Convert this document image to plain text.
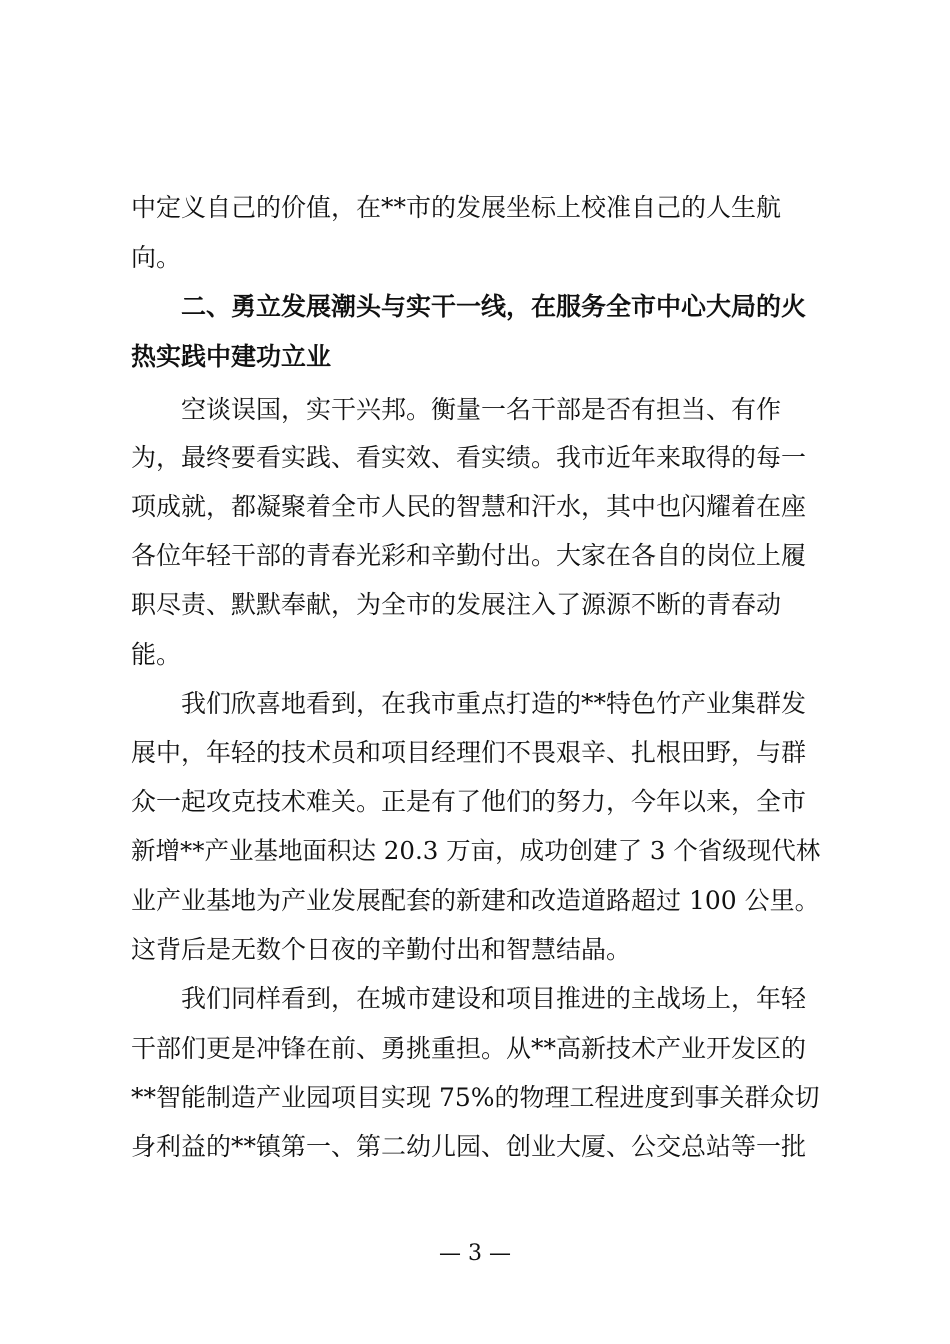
中定义自己的价值，在**市的发展坐标上校准自己的人生航
向。
二、勇立发展潮头与实干一线，在服务全市中心大局的火
热实践中建功立业
空谈误国，实干兴邦。衡量一名干部是否有担当、有作
为，最终要看实践、看实效、看实绩。我市近年来取得的每一
项成就，都凝聚着全市人民的智慧和汗水，其中也闪耀着在座
各位年轻干部的青春光彩和辛勤付出。大家在各自的岗位上履
职尽责、默默奉献，为全市的发展注入了源源不断的青春动
能。
我们欣喜地看到，在我市重点打造的**特色竹产业集群发
展中，年轻的技术员和项目经理们不畏艰辛、扎根田野，与群
众一起攻克技术难关。正是有了他们的努力，今年以来，全市
新增**产业基地面积达 20.3 万亩，成功创建了 3 个省级现代林
业产业基地为产业发展配套的新建和改造道路超过 100 公里。
这背后是无数个日夜的辛勤付出和智慧结晶。
我们同样看到，在城市建设和项目推进的主战场上，年轻
干部们更是冲锋在前、勇挑重担。从**高新技术产业开发区的
**智能制造产业园项目实现 75%的物理工程进度到事关群众切
身利益的**镇第一、第二幼儿园、创业大厦、公交总站等一批
— 3 —
